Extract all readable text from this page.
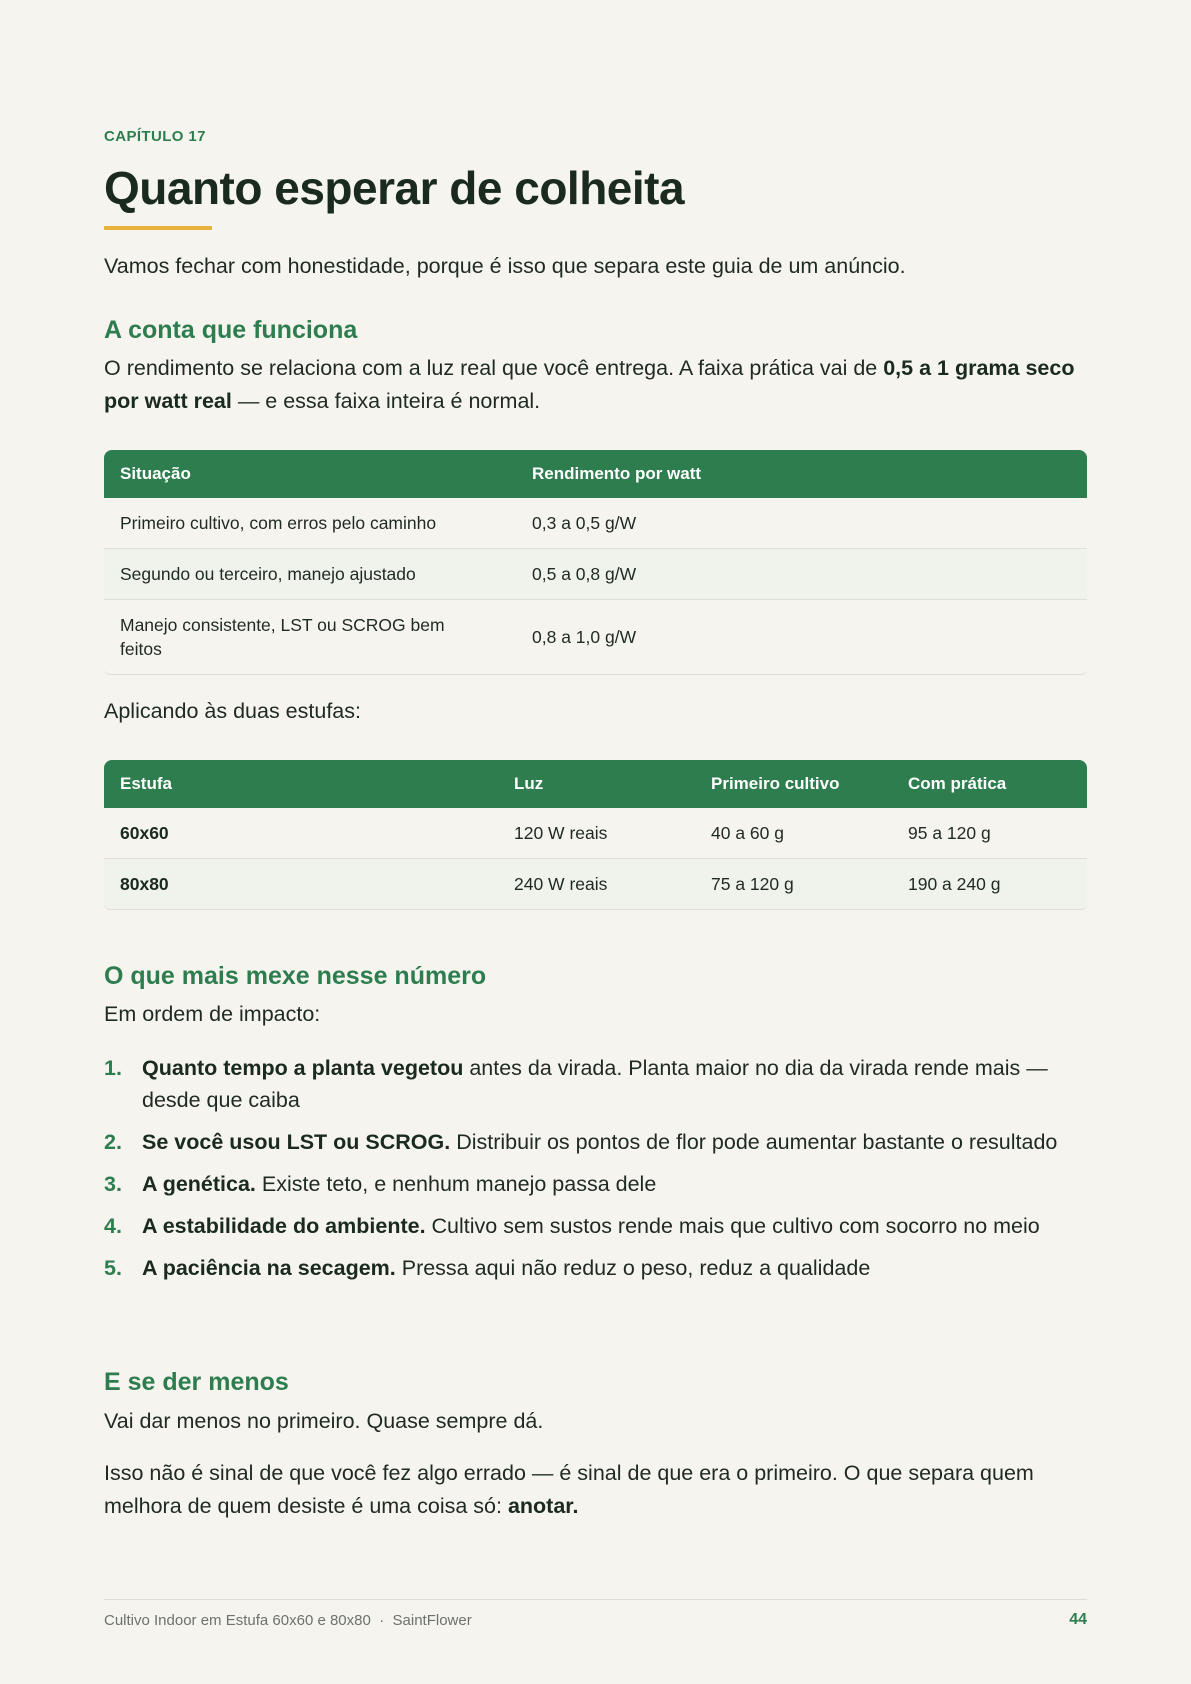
CAPÍTULO 17
Quanto esperar de colheita

Vamos fechar com honestidade, porque é isso que separa este guia de um anúncio.

A conta que funciona

O rendimento se relaciona com a luz real que você entrega. A faixa prática vai de 0,5 a 1 grama seco por watt real — e essa faixa inteira é normal.

Situação	Rendimento por watt
Primeiro cultivo, com erros pelo caminho	0,3 a 0,5 g/W
Segundo ou terceiro, manejo ajustado	0,5 a 0,8 g/W
Manejo consistente, LST ou SCROG bem feitos	0,8 a 1,0 g/W

Aplicando às duas estufas:

Estufa	Luz	Primeiro cultivo	Com prática
60x60	120 W reais	40 a 60 g	95 a 120 g
80x80	240 W reais	75 a 120 g	190 a 240 g
O que mais mexe nesse número

Em ordem de impacto:

1. Quanto tempo a planta vegetou antes da virada. Planta maior no dia da virada rende mais — desde que caiba
2. Se você usou LST ou SCROG. Distribuir os pontos de flor pode aumentar bastante o resultado
3. A genética. Existe teto, e nenhum manejo passa dele
4. A estabilidade do ambiente. Cultivo sem sustos rende mais que cultivo com socorro no meio
5. A paciência na secagem. Pressa aqui não reduz o peso, reduz a qualidade
E se der menos

Vai dar menos no primeiro. Quase sempre dá.

Isso não é sinal de que você fez algo errado — é sinal de que era o primeiro. O que separa quem melhora de quem desiste é uma coisa só: anotar.

Cultivo Indoor em Estufa 60x60 e 80x80 · SaintFlower	44
